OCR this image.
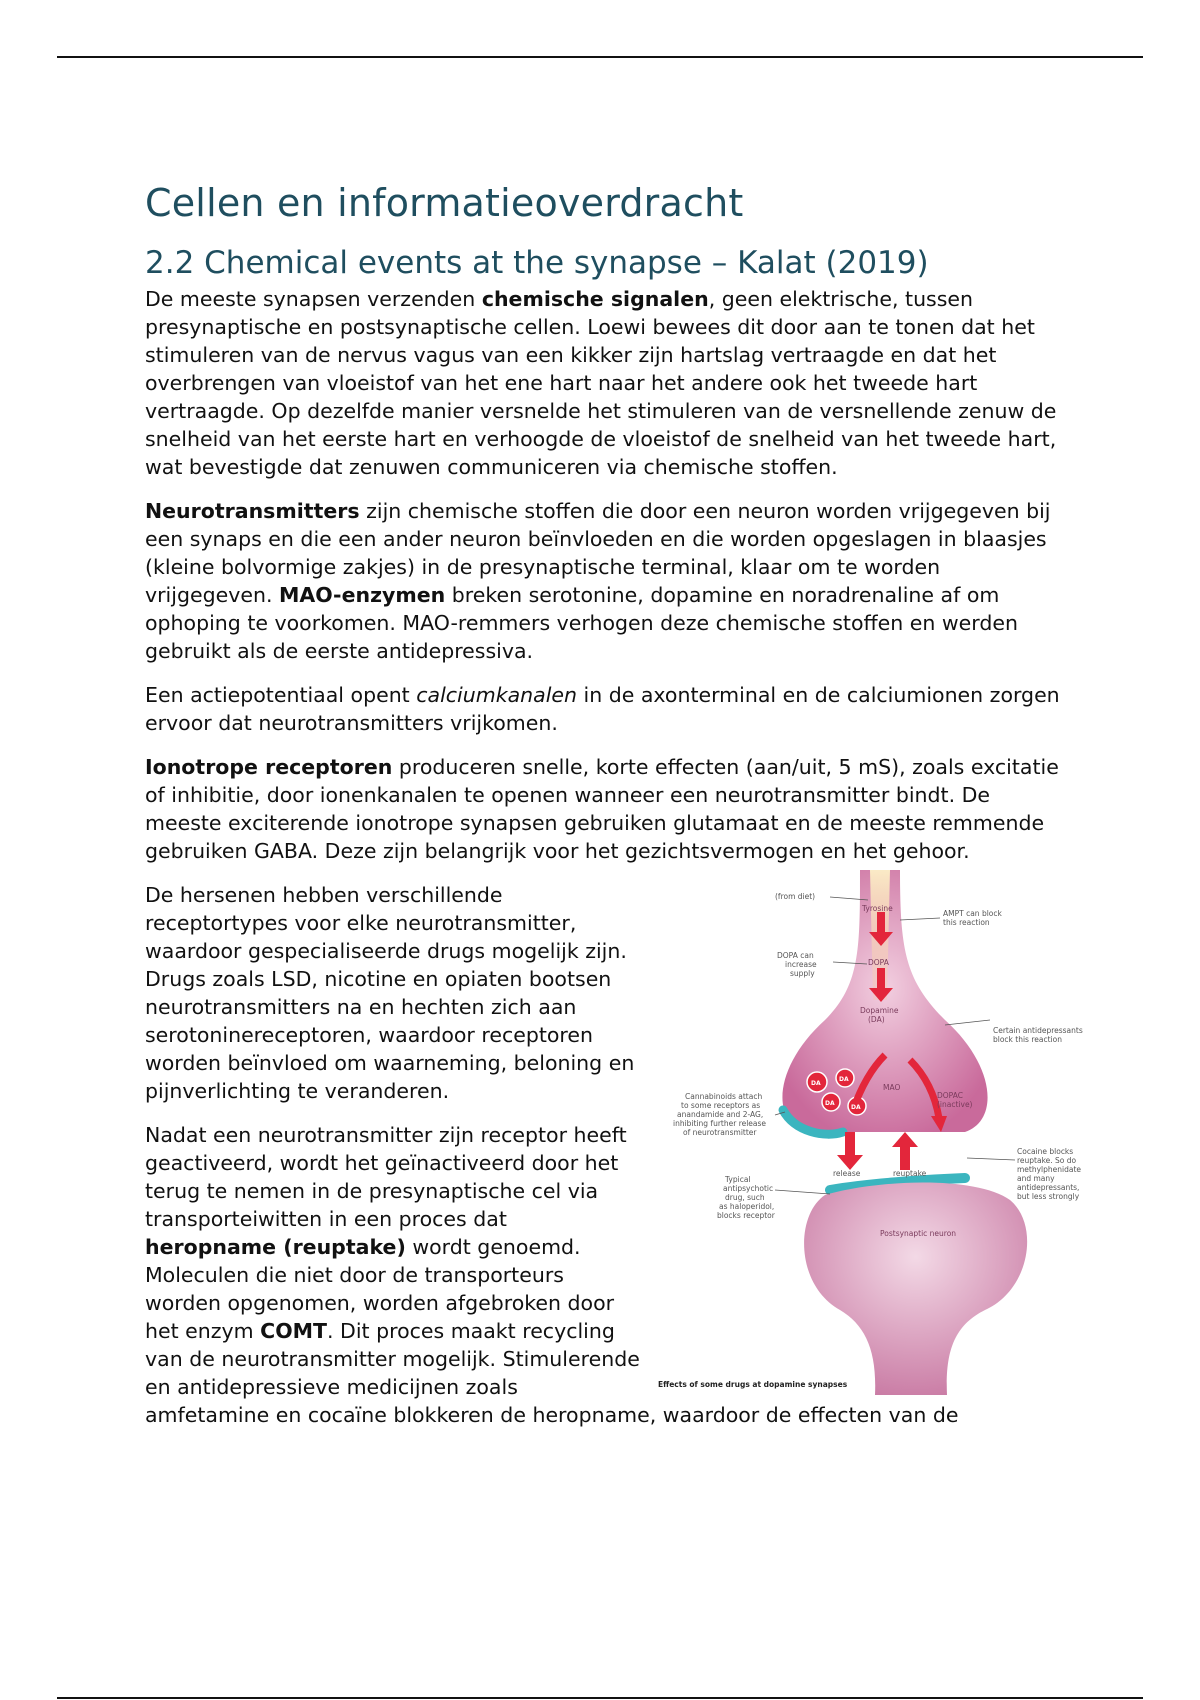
Cellen en informatieoverdracht
2.2 Chemical events at the synapse – Kalat (2019)

De meeste synapsen verzenden chemische signalen, geen elektrische, tussen presynaptische en postsynaptische cellen. Loewi bewees dit door aan te tonen dat het stimuleren van de nervus vagus van een kikker zijn hartslag vertraagde en dat het overbrengen van vloeistof van het ene hart naar het andere ook het tweede hart vertraagde. Op dezelfde manier versnelde het stimuleren van de versnellende zenuw de snelheid van het eerste hart en verhoogde de vloeistof de snelheid van het tweede hart, wat bevestigde dat zenuwen communiceren via chemische stoffen.

Neurotransmitters zijn chemische stoffen die door een neuron worden vrijgegeven bij een synaps en die een ander neuron beïnvloeden en die worden opgeslagen in blaasjes (kleine bolvormige zakjes) in de presynaptische terminal, klaar om te worden vrijgegeven. MAO-enzymen breken serotonine, dopamine en noradrenaline af om ophoping te voorkomen. MAO-remmers verhogen deze chemische stoffen en werden gebruikt als de eerste antidepressiva.

Een actiepotentiaal opent calciumkanalen in de axonterminal en de calciumionen zorgen ervoor dat neurotransmitters vrijkomen.

Ionotrope receptoren produceren snelle, korte effecten (aan/uit, 5 mS), zoals excitatie of inhibitie, door ionenkanalen te openen wanneer een neurotransmitter bindt. De meeste exciterende ionotrope synapsen gebruiken glutamaat en de meeste remmende gebruiken GABA. Deze zijn belangrijk voor het gezichtsvermogen en het gehoor.

De hersenen hebben verschillende receptortypes voor elke neurotransmitter, waardoor gespecialiseerde drugs mogelijk zijn. Drugs zoals LSD, nicotine en opiaten bootsen neurotransmitters na en hechten zich aan serotoninereceptoren, waardoor receptoren worden beïnvloed om waarneming, beloning en pijnverlichting te veranderen.

Nadat een neurotransmitter zijn receptor heeft geactiveerd, wordt het geïnactiveerd door het terug te nemen in de presynaptische cel via transporteiwitten in een proces dat heropname (reuptake) wordt genoemd. Moleculen die niet door de transporteurs worden opgenomen, worden afgebroken door het enzym COMT. Dit proces maakt recycling van de neurotransmitter mogelijk. Stimulerende en antidepressieve medicijnen zoals amfetamine en cocaïne blokkeren de heropname, waardoor de effecten van de

(from diet)
Tyrosine
AMPT can block
this reaction
DOPA can
increase
supply
DOPA
Dopamine
(DA)
Certain antidepressants
block this reaction
MAO
DOPAC
(inactive)
Cannabinoids attach
to some receptors as
anandamide and 2-AG,
inhibiting further release
of neurotransmitter
Cocaine blocks
reuptake. So do
methylphenidate
and many
antidepressants,
but less strongly
release	reuptake
Typical
antipsychotic
drug, such
as haloperidol,
blocks receptor
Postsynaptic neuron
DA
DA
DA
DA
Effects of some drugs at dopamine synapses
